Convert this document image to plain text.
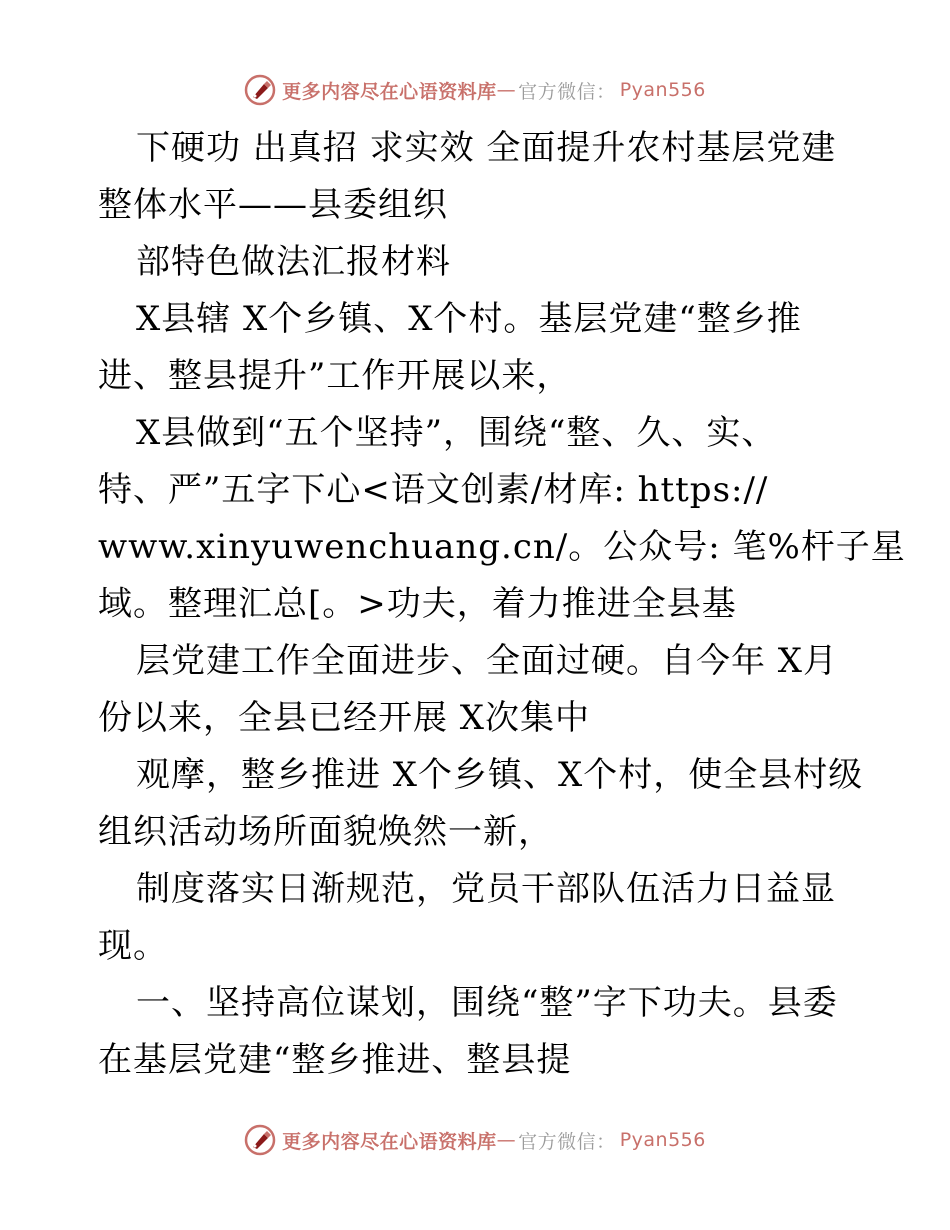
更多内容尽在心语资料库 — 官方微信： Pyan556
下硬功 出真招 求实效 全面提升农村基层党建
整体水平——县委组织
部特色做法汇报材料
X县辖 X个乡镇、X个村。基层党建“整乡推
进、整县提升”工作开展以来，
X县做到“五个坚持”，围绕“整、久、实、
特、严”五字下心<语文创素/材库: https://
www.xinyuwenchuang.cn/。公众号: 笔%杆子星
域。整理汇总[。>功夫，着力推进全县基
层党建工作全面进步、全面过硬。自今年 X月
份以来，全县已经开展 X次集中
观摩，整乡推进 X个乡镇、X个村，使全县村级
组织活动场所面貌焕然一新，
制度落实日渐规范，党员干部队伍活力日益显
现。
一、坚持高位谋划，围绕“整”字下功夫。县委
在基层党建“整乡推进、整县提
更多内容尽在心语资料库 — 官方微信： Pyan556
